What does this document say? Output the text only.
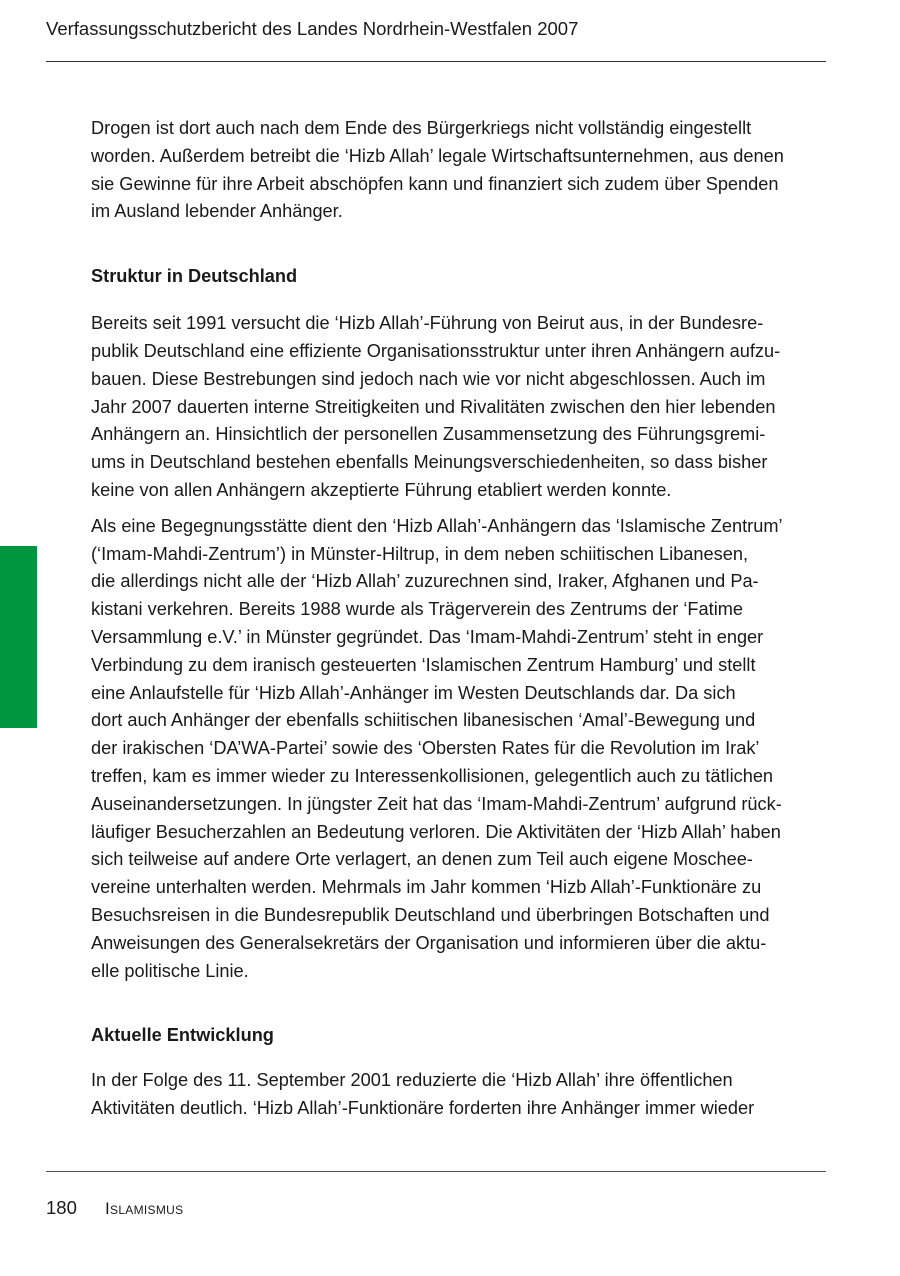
Verfassungsschutzbericht des Landes Nordrhein-Westfalen 2007
Drogen ist dort auch nach dem Ende des Bürgerkriegs nicht vollständig eingestellt
worden. Außerdem betreibt die ‘Hizb Allah’ legale Wirtschaftsunternehmen, aus denen
sie Gewinne für ihre Arbeit abschöpfen kann und finanziert sich zudem über Spenden
im Ausland lebender Anhänger.
Struktur in Deutschland
Bereits seit 1991 versucht die ‘Hizb Allah’-Führung von Beirut aus, in der Bundesre-
publik Deutschland eine effiziente Organisationsstruktur unter ihren Anhängern aufzu-
bauen. Diese Bestrebungen sind jedoch nach wie vor nicht abgeschlossen. Auch im
Jahr 2007 dauerten interne Streitigkeiten und Rivalitäten zwischen den hier lebenden
Anhängern an. Hinsichtlich der personellen Zusammensetzung des Führungsgremi-
ums in Deutschland bestehen ebenfalls Meinungsverschiedenheiten, so dass bisher
keine von allen Anhängern akzeptierte Führung etabliert werden konnte.
Als eine Begegnungsstätte dient den ‘Hizb Allah’-Anhängern das ‘Islamische Zentrum’
(‘Imam-Mahdi-Zentrum’) in Münster-Hiltrup, in dem neben schiitischen Libanesen,
die allerdings nicht alle der ‘Hizb Allah’ zuzurechnen sind, Iraker, Afghanen und Pa-
kistani verkehren. Bereits 1988 wurde als Trägerverein des Zentrums der ‘Fatime
Versammlung e.V.’ in Münster gegründet. Das ‘Imam-Mahdi-Zentrum’ steht in enger
Verbindung zu dem iranisch gesteuerten ‘Islamischen Zentrum Hamburg’ und stellt
eine Anlaufstelle für ‘Hizb Allah’-Anhänger im Westen Deutschlands dar. Da sich
dort auch Anhänger der ebenfalls schiitischen libanesischen ‘Amal’-Bewegung und
der irakischen ‘DA’WA-Partei’ sowie des ‘Obersten Rates für die Revolution im Irak’
treffen, kam es immer wieder zu Interessenkollisionen, gelegentlich auch zu tätlichen
Auseinandersetzungen. In jüngster Zeit hat das ‘Imam-Mahdi-Zentrum’ aufgrund rück-
läufiger Besucherzahlen an Bedeutung verloren. Die Aktivitäten der ‘Hizb Allah’ haben
sich teilweise auf andere Orte verlagert, an denen zum Teil auch eigene Moschee-
vereine unterhalten werden. Mehrmals im Jahr kommen ‘Hizb Allah’-Funktionäre zu
Besuchsreisen in die Bundesrepublik Deutschland und überbringen Botschaften und
Anweisungen des Generalsekretärs der Organisation und informieren über die aktu-
elle politische Linie.
Aktuelle Entwicklung
In der Folge des 11. September 2001 reduzierte die ‘Hizb Allah’ ihre öffentlichen
Aktivitäten deutlich. ‘Hizb Allah’-Funktionäre forderten ihre Anhänger immer wieder
180 Islamismus
